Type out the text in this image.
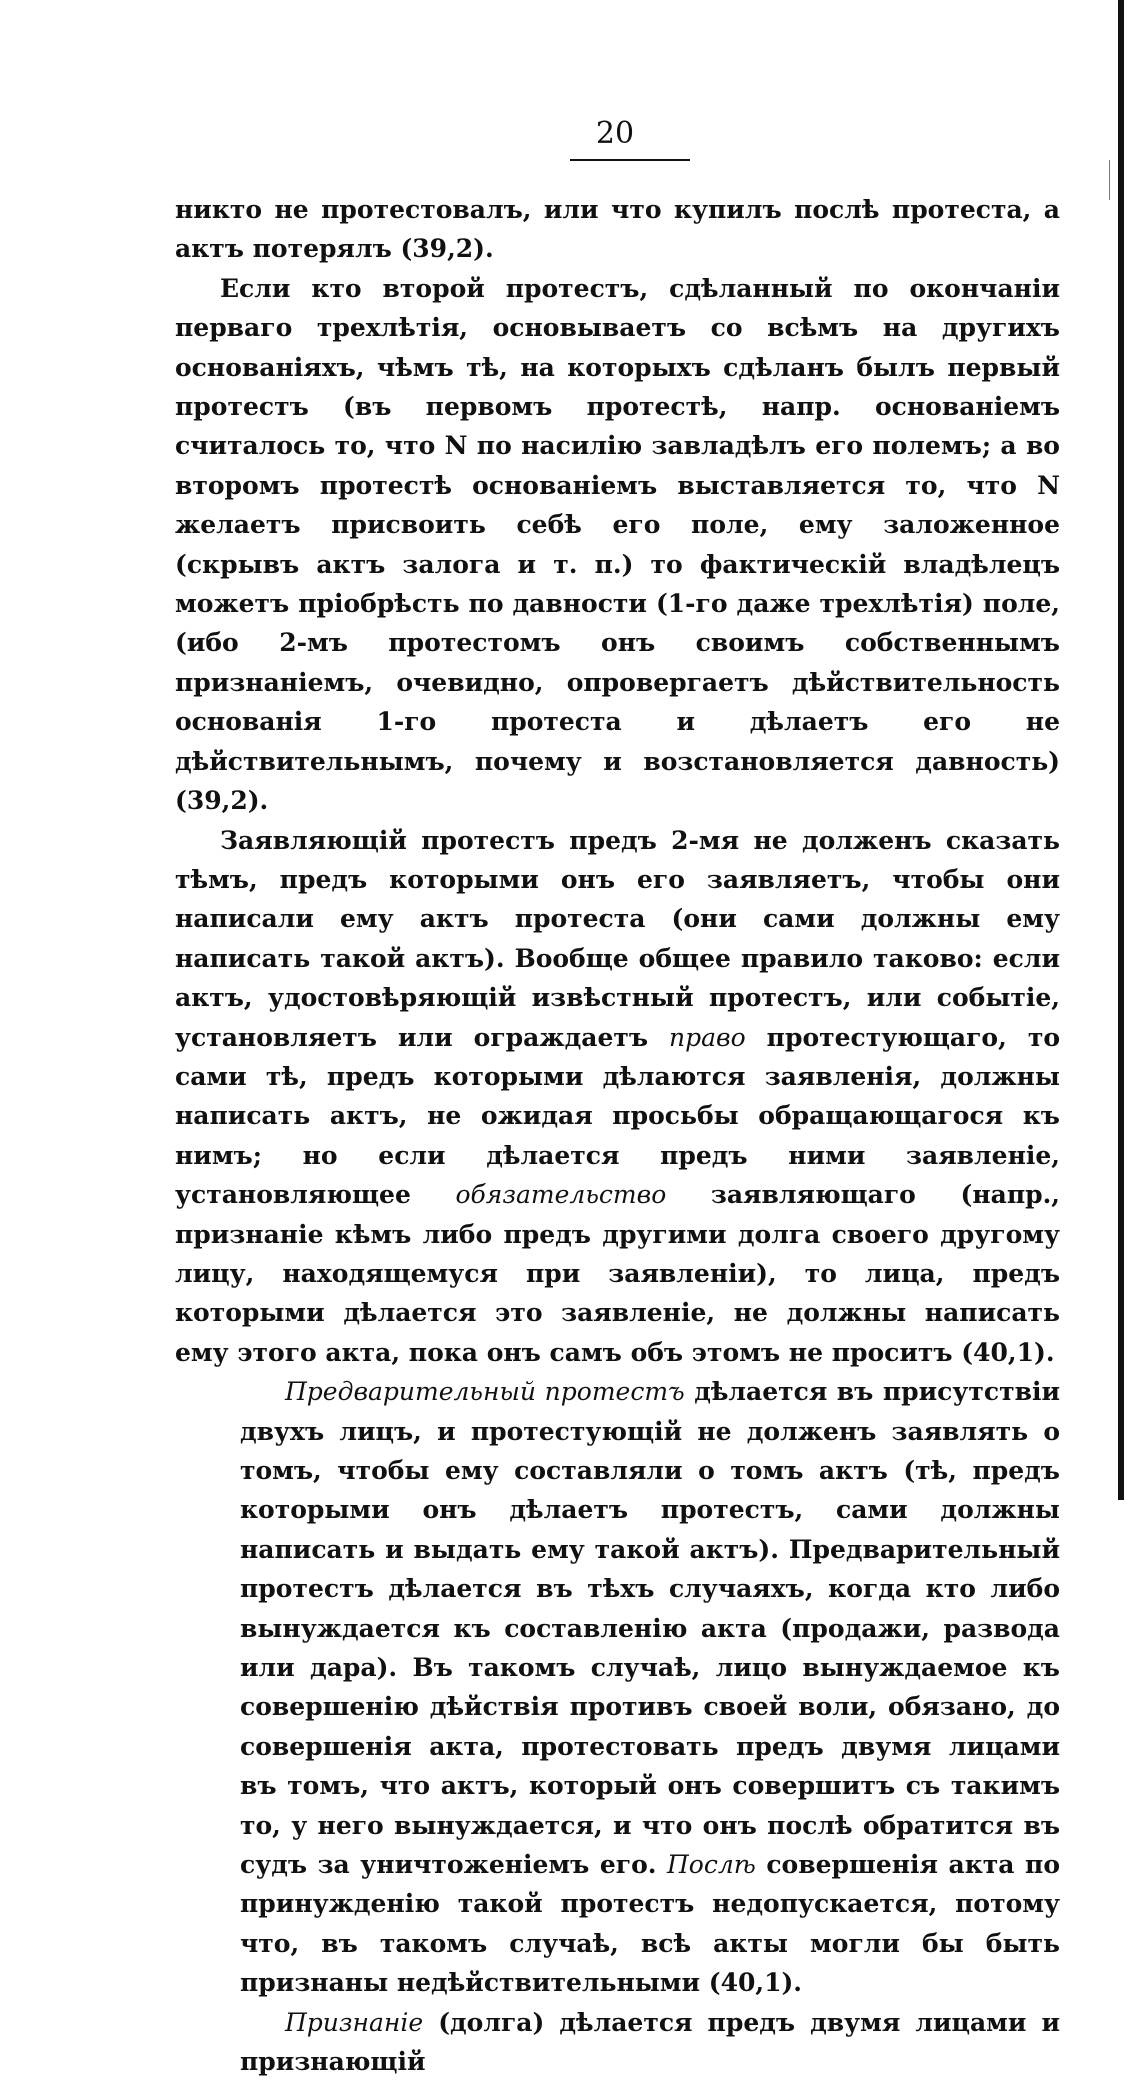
20

никто не протестовалъ, или что купилъ послѣ протеста, а актъ потерялъ (39,2).

Если кто второй протестъ, сдѣланный по окончанiи перваго трехлѣтія, основываетъ со всѣмъ на другихъ основаніяхъ, чѣмъ тѣ, на которыхъ сдѣланъ былъ первый протестъ (въ первомъ протестѣ, напр. основаніемъ считалось то, что N по насилію завладѣлъ его полемъ; а во второмъ протестѣ основаніемъ выставляется то, что N желаетъ присвоить себѣ его поле, ему заложенное (скрывъ актъ залога и т. п.) то фактическій владѣлецъ можетъ пріобрѣсть по давности (1-го даже трехлѣтія) поле, (ибо 2-мъ протестомъ онъ своимъ собственнымъ признаніемъ, очевидно, опровергаетъ дѣйствительность основанія 1-го протеста и дѣлаетъ его не дѣйствительнымъ, почему и возстановляется давность) (39,2).

Заявляющій протестъ предъ 2-мя не долженъ сказать тѣмъ, предъ которыми онъ его заявляетъ, чтобы они написали ему актъ протеста (они сами должны ему написать такой актъ). Вообще общее правило таково: если актъ, удостовѣряющій извѣстный протестъ, или событіе, установляетъ или ограждаетъ право протестующаго, то сами тѣ, предъ которыми дѣлаются заявленія, должны написать актъ, не ожидая просьбы обращающагося къ нимъ; но если дѣлается предъ ними заявленіе, установляющее обязательство заявляющаго (напр., признаніе кѣмъ либо предъ другими долга своего другому лицу, находящемуся при заявленіи), то лица, предъ которыми дѣлается это заявленіе, не должны написать ему этого акта, пока онъ самъ объ этомъ не проситъ (40,1).

Предварительный протестъ дѣлается въ присутствіи двухъ лицъ, и протестующій не долженъ заявлять о томъ, чтобы ему составляли о томъ актъ (тѣ, предъ которыми онъ дѣлаетъ протестъ, сами должны написать и выдать ему такой актъ). Предварительный протестъ дѣлается въ тѣхъ случаяхъ, когда кто либо вынуждается къ составленію акта (продажи, развода или дара). Въ такомъ случаѣ, лицо вынуждаемое къ совершенію дѣйствія противъ своей воли, обязано, до совершенія акта, протестовать предъ двумя лицами въ томъ, что актъ, который онъ совершитъ съ такимъ то, у него вынуждается, и что онъ послѣ обратится въ судъ за уничтоженіемъ его. Послѣ совершенія акта по принужденію такой протестъ недопускается, потому что, въ такомъ случаѣ, всѣ акты могли бы быть признаны недѣйствительными (40,1).

Признаніе (долга) дѣлается предъ двумя лицами и признающій
